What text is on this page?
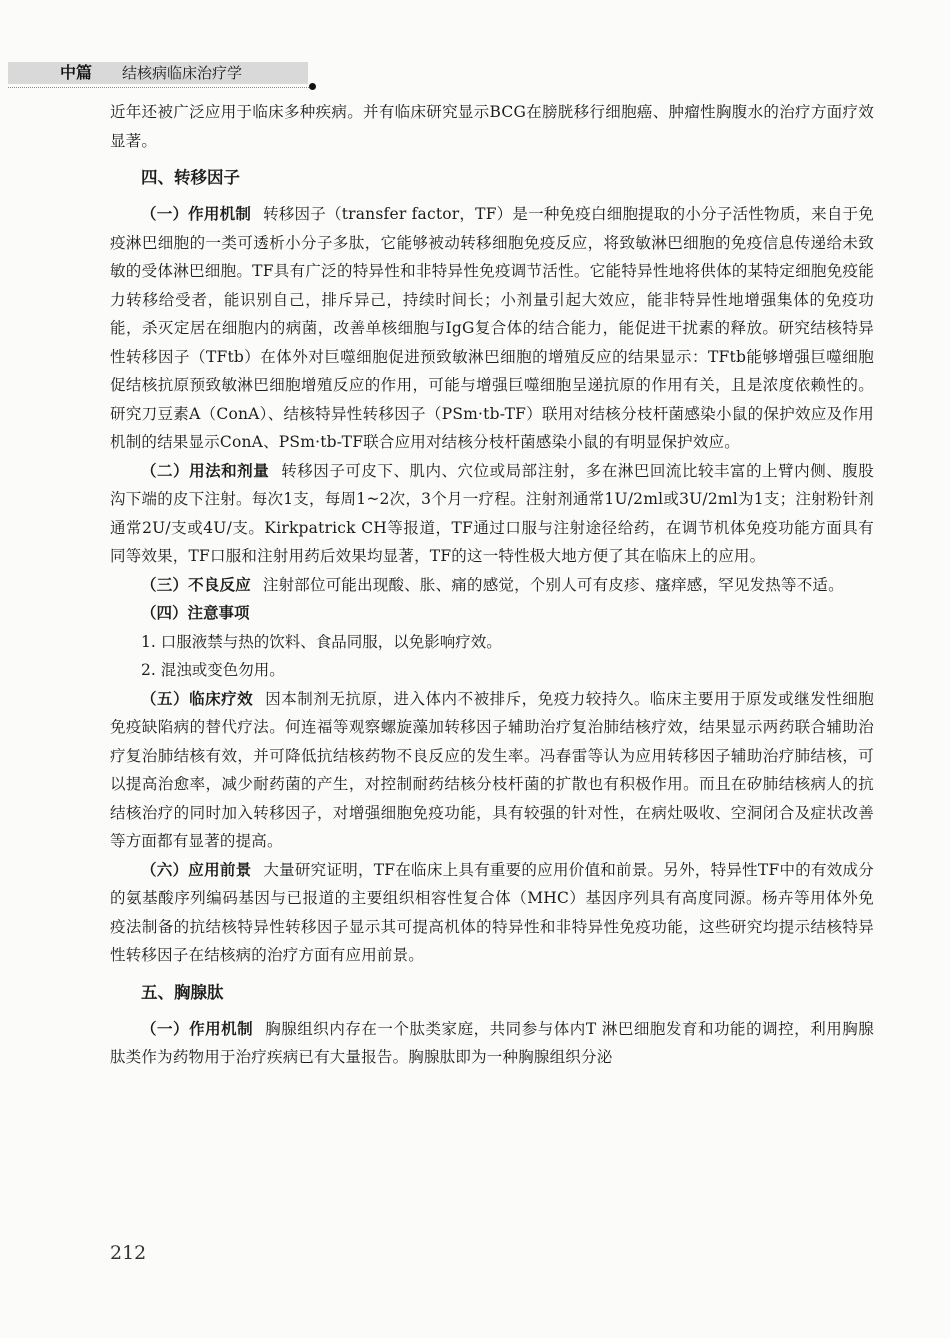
中篇	结核病临床治疗学

近年还被广泛应用于临床多种疾病。并有临床研究显示BCG在膀胱移行细胞癌、肿瘤性胸腹水的治疗方面疗效显著。

四、转移因子

（一）作用机制 转移因子（transfer factor，TF）是一种免疫白细胞提取的小分子活性物质，来自于免疫淋巴细胞的一类可透析小分子多肽，它能够被动转移细胞免疫反应，将致敏淋巴细胞的免疫信息传递给未致敏的受体淋巴细胞。TF具有广泛的特异性和非特异性免疫调节活性。它能特异性地将供体的某特定细胞免疫能力转移给受者，能识别自己，排斥异己，持续时间长；小剂量引起大效应，能非特异性地增强集体的免疫功能，杀灭定居在细胞内的病菌，改善单核细胞与IgG复合体的结合能力，能促进干扰素的释放。研究结核特异性转移因子（TFtb）在体外对巨噬细胞促进预致敏淋巴细胞的增殖反应的结果显示：TFtb能够增强巨噬细胞促结核抗原预致敏淋巴细胞增殖反应的作用，可能与增强巨噬细胞呈递抗原的作用有关，且是浓度依赖性的。研究刀豆素A（ConA）、结核特异性转移因子（PSm·tb-TF）联用对结核分枝杆菌感染小鼠的保护效应及作用机制的结果显示ConA、PSm·tb-TF联合应用对结核分枝杆菌感染小鼠的有明显保护效应。

（二）用法和剂量 转移因子可皮下、肌内、穴位或局部注射，多在淋巴回流比较丰富的上臂内侧、腹股沟下端的皮下注射。每次1支，每周1~2次，3个月一疗程。注射剂通常1U/2ml或3U/2ml为1支；注射粉针剂通常2U/支或4U/支。Kirkpatrick CH等报道，TF通过口服与注射途径给药，在调节机体免疫功能方面具有同等效果，TF口服和注射用药后效果均显著，TF的这一特性极大地方便了其在临床上的应用。

（三）不良反应 注射部位可能出现酸、胀、痛的感觉，个别人可有皮疹、瘙痒感，罕见发热等不适。

（四）注意事项
1. 口服液禁与热的饮料、食品同服，以免影响疗效。
2. 混浊或变色勿用。

（五）临床疗效 因本制剂无抗原，进入体内不被排斥，免疫力较持久。临床主要用于原发或继发性细胞免疫缺陷病的替代疗法。何连福等观察螺旋藻加转移因子辅助治疗复治肺结核疗效，结果显示两药联合辅助治疗复治肺结核有效，并可降低抗结核药物不良反应的发生率。冯春雷等认为应用转移因子辅助治疗肺结核，可以提高治愈率，减少耐药菌的产生，对控制耐药结核分枝杆菌的扩散也有积极作用。而且在矽肺结核病人的抗结核治疗的同时加入转移因子，对增强细胞免疫功能，具有较强的针对性，在病灶吸收、空洞闭合及症状改善等方面都有显著的提高。

（六）应用前景 大量研究证明，TF在临床上具有重要的应用价值和前景。另外，特异性TF中的有效成分的氨基酸序列编码基因与已报道的主要组织相容性复合体（MHC）基因序列具有高度同源。杨卉等用体外免疫法制备的抗结核特异性转移因子显示其可提高机体的特异性和非特异性免疫功能，这些研究均提示结核特异性转移因子在结核病的治疗方面有应用前景。

五、胸腺肽

（一）作用机制 胸腺组织内存在一个肽类家庭，共同参与体内T 淋巴细胞发育和功能的调控，利用胸腺肽类作为药物用于治疗疾病已有大量报告。胸腺肽即为一种胸腺组织分泌

212
